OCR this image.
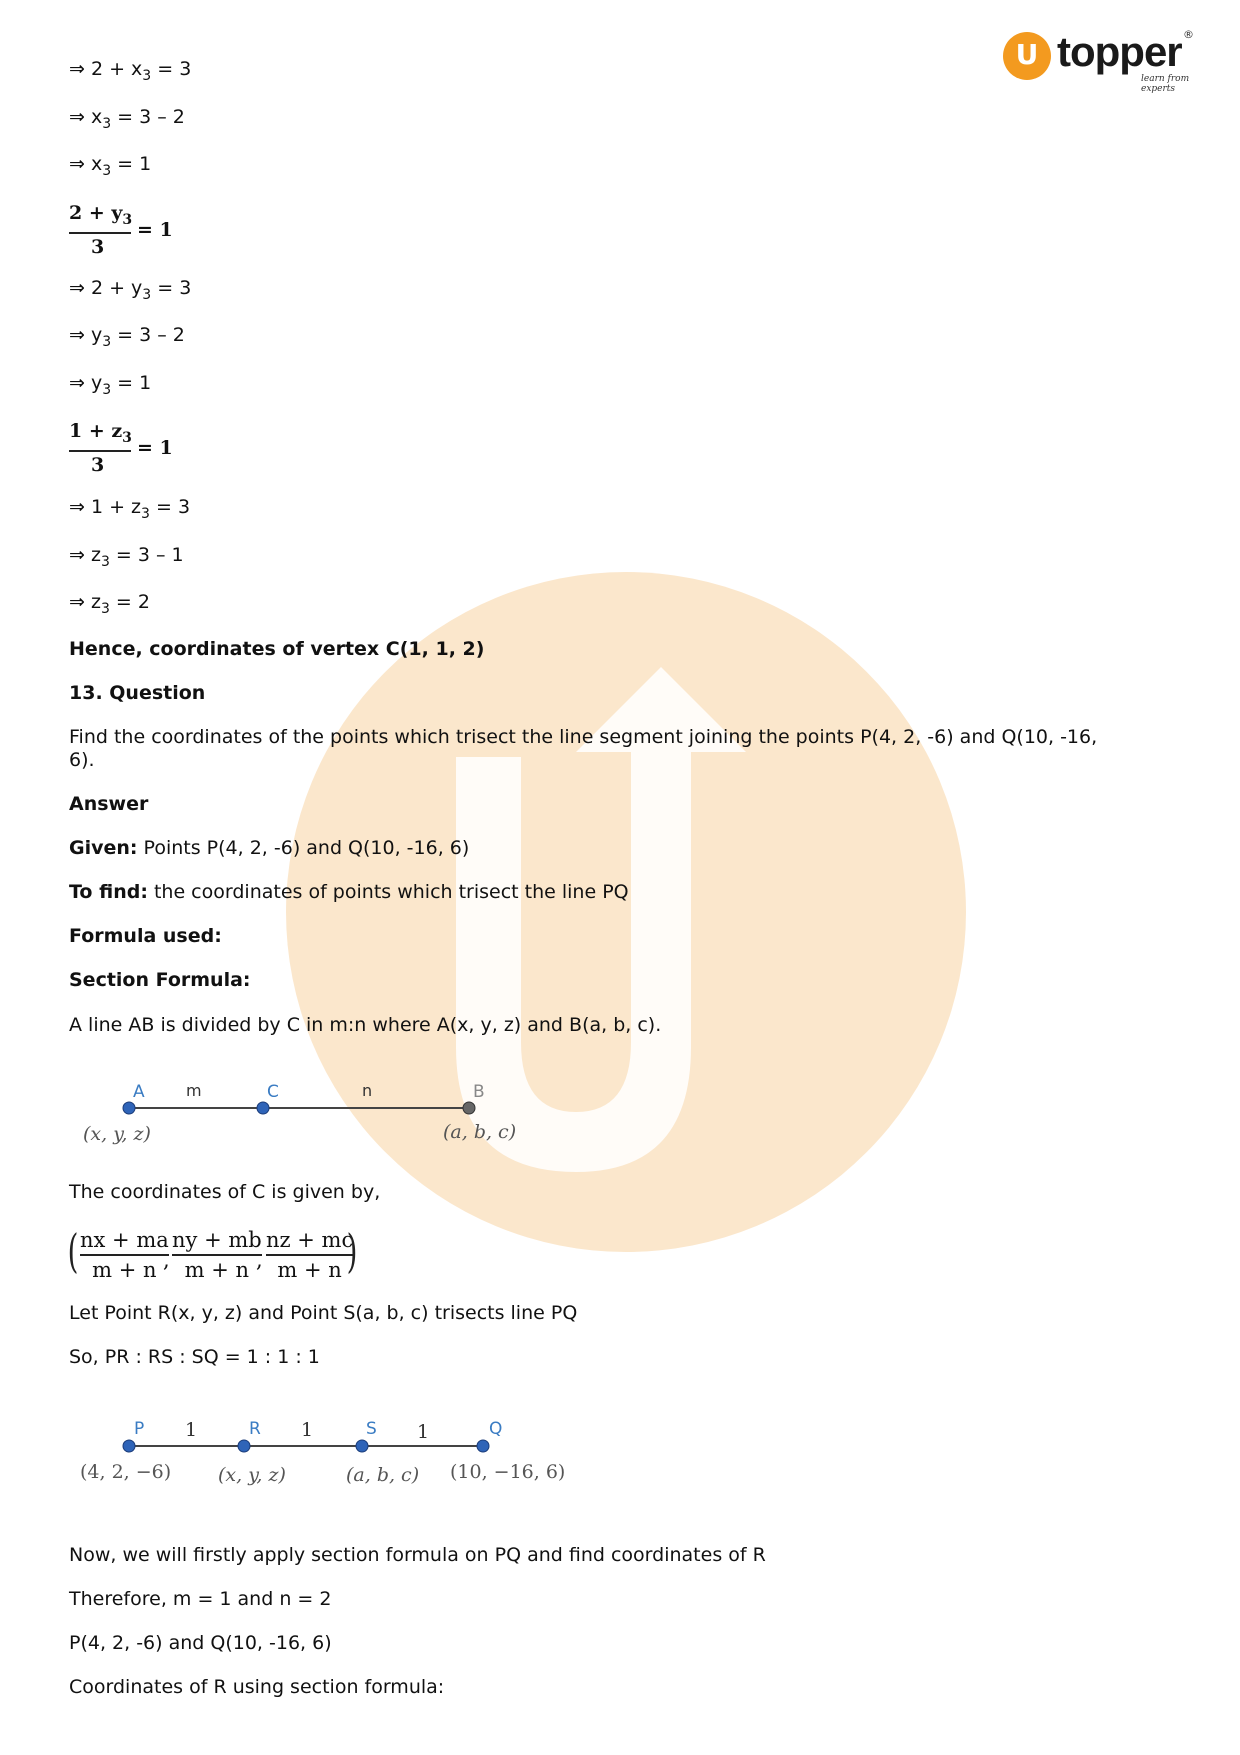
U topper ®
learn from experts
⇒ $2 + x_3 = 3$
⇒ $x_3 = 3 - 2$
⇒ $x_3 = 1$
$2 + y_3$
3
= 1
⇒ $2 + y_3 = 3$
⇒ $y_3 = 3 - 2$
⇒ $y_3 = 1$
$1 + z_3$
3
= 1
⇒ $1 + z_3 = 3$
⇒ $z_3 = 3 - 1$
⇒ $z_3 = 2$
Hence, coordinates of vertex C(1, 1, 2)
13. Question
Find the coordinates of the points which trisect the line segment joining the points P(4, 2, -6) and Q(10, -16,
6).
Answer
Given: Points P(4, 2, -6) and Q(10, -16, 6)
To find: the coordinates of points which trisect the line PQ
Formula used:
Section Formula:
A line AB is divided by C in m:n where A(x, y, z) and B(a, b, c).
A	m	C	n	B
(x, y, z)	(a, b, c)
The coordinates of C is given by,
( nx + ma
m + n ,
ny + mb
m + n ,
nz + mc
m + n )
Let Point R(x, y, z) and Point S(a, b, c) trisects line PQ
So, PR : RS : SQ = 1 : 1 : 1
P 1	R 1	S 1	Q
(4, 2, −6) (x, y, z)	(a, b, c) (10, −16, 6)
Now, we will firstly apply section formula on PQ and find coordinates of R
Therefore, m = 1 and n = 2
P(4, 2, -6) and Q(10, -16, 6)
Coordinates of R using section formula:
